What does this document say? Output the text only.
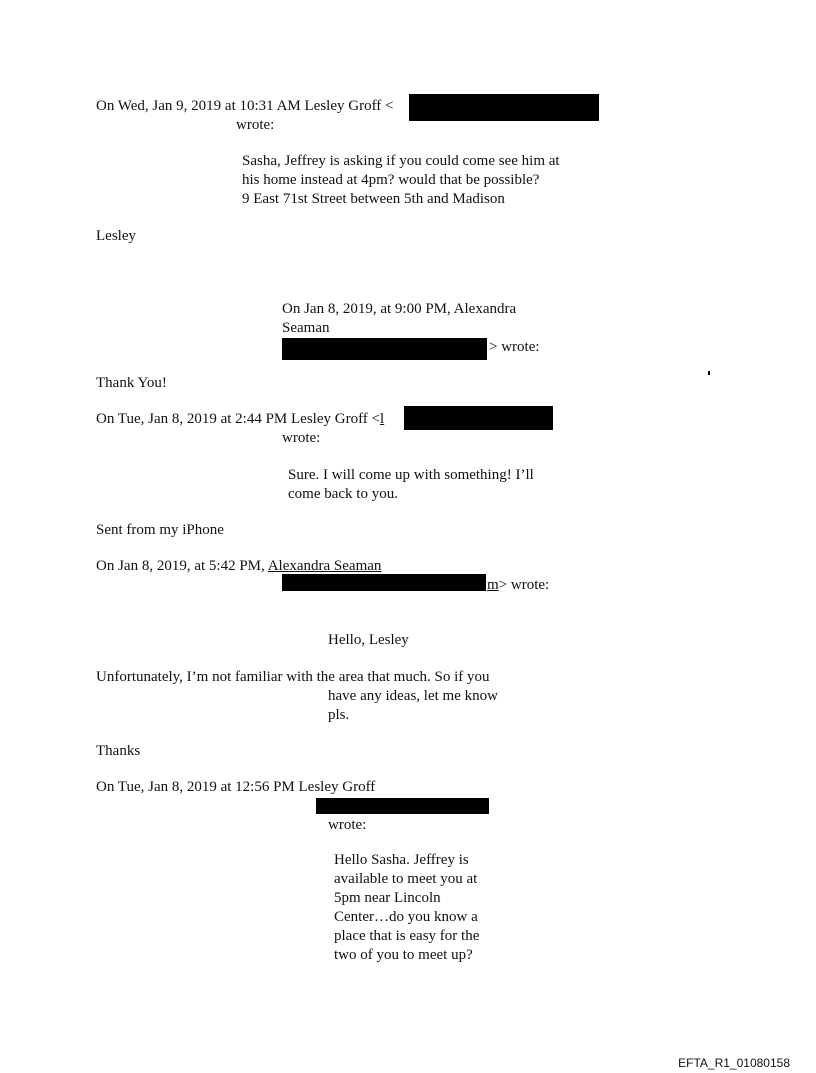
On Wed, Jan 9, 2019 at 10:31 AM Lesley Groff <

wrote:

Sasha, Jeffrey is asking if you could come see him at

his home instead at 4pm? would that be possible?

9 East 71st Street between 5th and Madison

Lesley

On Jan 8, 2019, at 9:00 PM, Alexandra

Seaman

> wrote:

Thank You!

On Tue, Jan 8, 2019 at 2:44 PM Lesley Groff <l

wrote:

Sure. I will come up with something! I’ll

come back to you.

Sent from my iPhone

On Jan 8, 2019, at 5:42 PM, Alexandra Seaman

m> wrote:

Hello, Lesley

Unfortunately, I’m not familiar with the area that much. So if you

have any ideas, let me know

pls.

Thanks

On Tue, Jan 8, 2019 at 12:56 PM Lesley Groff

wrote:

Hello Sasha. Jeffrey is

available to meet you at

5pm near Lincoln

Center…do you know a

place that is easy for the

two of you to meet up?

EFTA_R1_01080158
